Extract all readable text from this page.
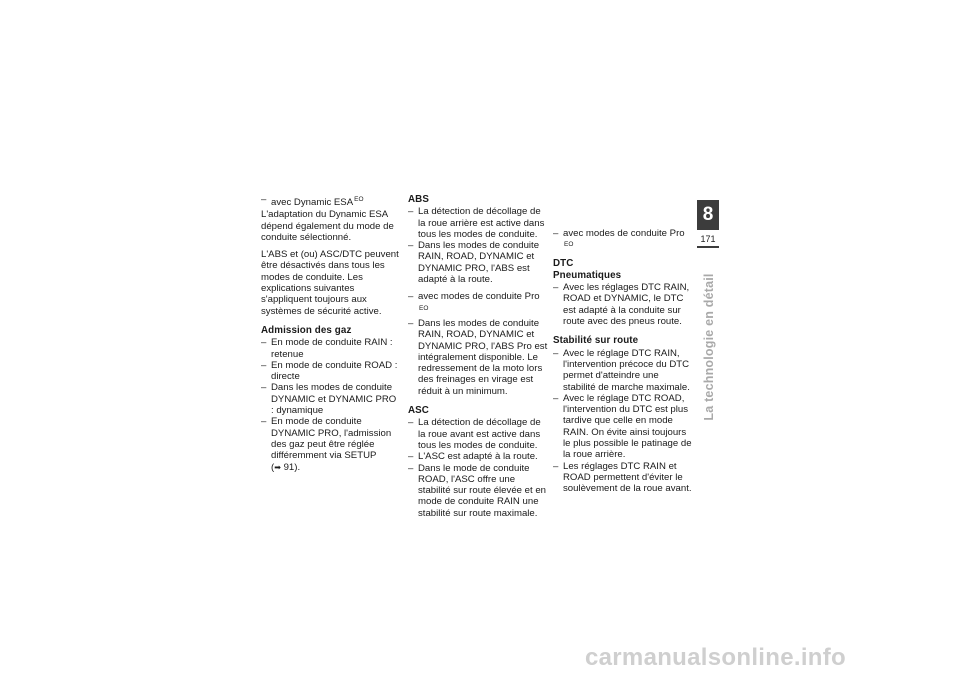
– avec Dynamic ESAEO

L'adaptation du Dynamic ESA dépend également du mode de conduite sélectionné.

L'ABS et (ou) ASC/DTC peuvent être désactivés dans tous les modes de conduite. Les explications suivantes s'appliquent toujours aux systèmes de sécurité active.

Admission des gaz
– En mode de conduite RAIN : retenue
– En mode de conduite ROAD : directe
– Dans les modes de conduite DYNAMIC et DYNAMIC PRO : dynamique
– En mode de conduite DYNAMIC PRO, l'admission des gaz peut être réglée différemment via SETUP
(➡ 91).
ABS
– La détection de décollage de la roue arrière est active dans tous les modes de conduite.
– Dans les modes de conduite RAIN, ROAD, DYNAMIC et DYNAMIC PRO, l'ABS est adapté à la route.
– avec modes de conduite ProEO
– Dans les modes de conduite RAIN, ROAD, DYNAMIC et DYNAMIC PRO, l'ABS Pro est intégralement disponible. Le redressement de la moto lors des freinages en virage est réduit à un minimum.
ASC
– La détection de décollage de la roue avant est active dans tous les modes de conduite.
– L'ASC est adapté à la route.
– Dans le mode de conduite ROAD, l'ASC offre une stabilité sur route élevée et en mode de conduite RAIN une stabilité sur route maximale.
– avec modes de conduite ProEO
DTC
Pneumatiques
– Avec les réglages DTC RAIN, ROAD et DYNAMIC, le DTC est adapté à la conduite sur route avec des pneus route.
Stabilité sur route
– Avec le réglage DTC RAIN, l'intervention précoce du DTC permet d'atteindre une stabilité de marche maximale.
– Avec le réglage DTC ROAD, l'intervention du DTC est plus tardive que celle en mode RAIN. On évite ainsi toujours le plus possible le patinage de la roue arrière.
– Les réglages DTC RAIN et ROAD permettent d'éviter le soulèvement de la roue avant.
8
171
La technologie en détail
carmanualsonline.info
